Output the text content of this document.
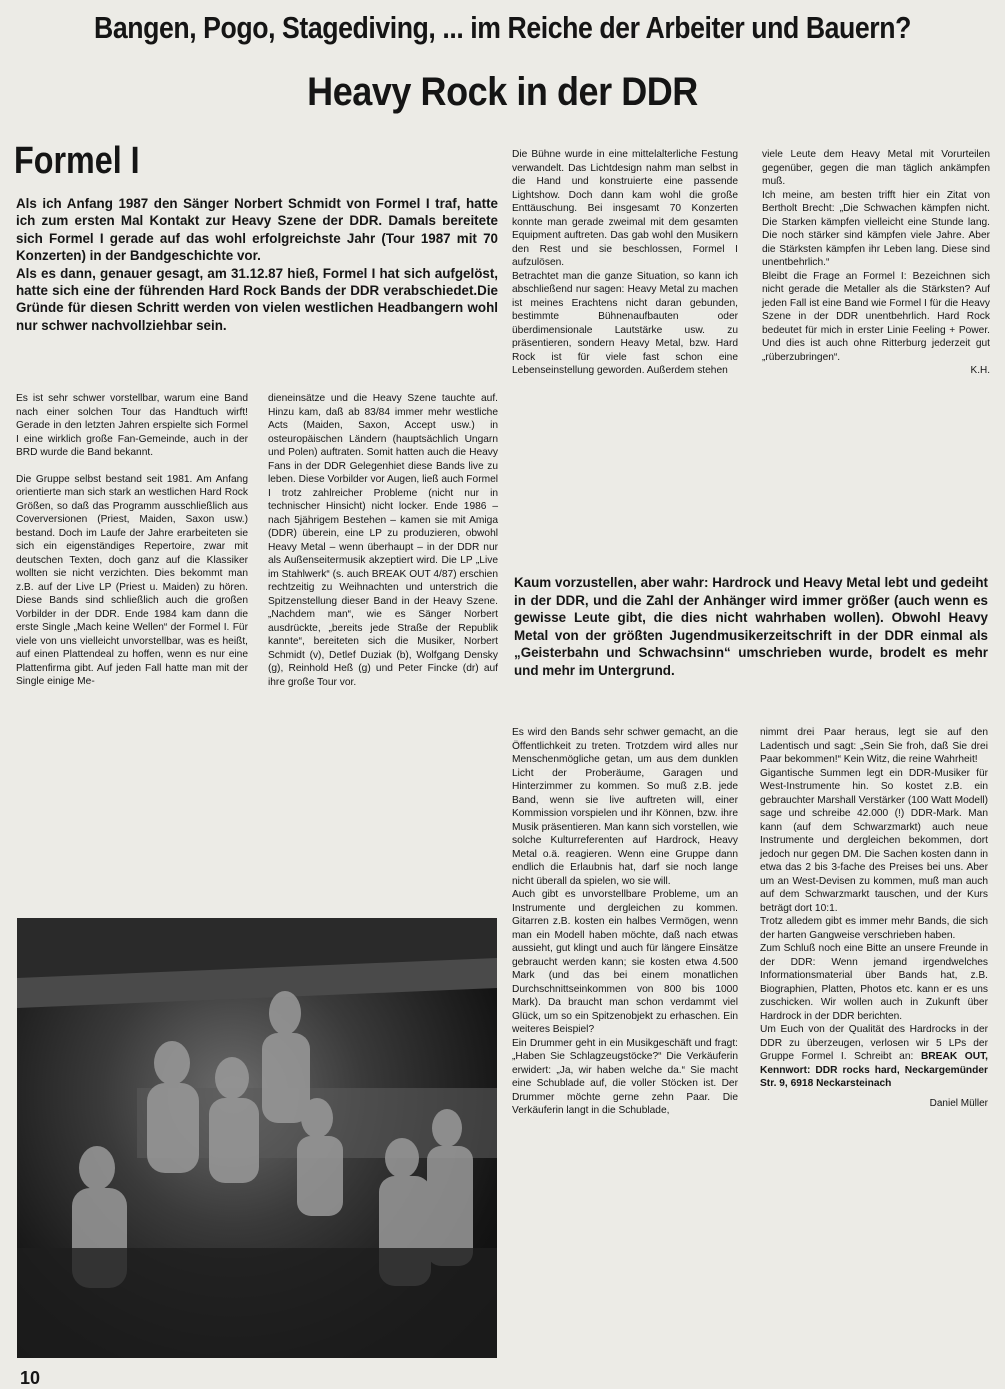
Bangen, Pogo, Stagediving, ... im Reiche der Arbeiter und Bauern?
Heavy Rock in der DDR
Formel I

Als ich Anfang 1987 den Sänger Norbert Schmidt von Formel I traf, hatte ich zum ersten Mal Kontakt zur Heavy Szene der DDR. Damals bereitete sich Formel I gerade auf das wohl erfolgreichste Jahr (Tour 1987 mit 70 Konzerten) in der Bandgeschichte vor.

Als es dann, genauer gesagt, am 31.12.87 hieß, Formel I hat sich aufgelöst, hatte sich eine der führenden Hard Rock Bands der DDR verabschiedet.Die Gründe für diesen Schritt werden von vielen westlichen Headbangern wohl nur schwer nachvollziehbar sein.

Es ist sehr schwer vorstellbar, warum eine Band nach einer solchen Tour das Handtuch wirft! Gerade in den letzten Jahren erspielte sich Formel I eine wirklich große Fan-Gemeinde, auch in der BRD wurde die Band bekannt.

Die Gruppe selbst bestand seit 1981. Am Anfang orientierte man sich stark an westlichen Hard Rock Größen, so daß das Programm ausschließlich aus Coverversionen (Priest, Maiden, Saxon usw.) bestand. Doch im Laufe der Jahre erarbeiteten sie sich ein eigenständiges Repertoire, zwar mit deutschen Texten, doch ganz auf die Klassiker wollten sie nicht verzichten. Dies bekommt man z.B. auf der Live LP (Priest u. Maiden) zu hören. Diese Bands sind schließlich auch die großen Vorbilder in der DDR. Ende 1984 kam dann die erste Single „Mach keine Wellen“ der Formel I. Für viele von uns vielleicht unvorstellbar, was es heißt, auf einen Plattendeal zu hoffen, wenn es nur eine Plattenfirma gibt. Auf jeden Fall hatte man mit der Single einige Me-

dieneinsätze und die Heavy Szene tauchte auf. Hinzu kam, daß ab 83/84 immer mehr westliche Acts (Maiden, Saxon, Accept usw.) in osteuropäischen Ländern (hauptsächlich Ungarn und Polen) auftraten. Somit hatten auch die Heavy Fans in der DDR Gelegenhiet diese Bands live zu leben. Diese Vorbilder vor Augen, ließ auch Formel I trotz zahlreicher Probleme (nicht nur in technischer Hinsicht) nicht locker. Ende 1986 – nach 5jährigem Bestehen – kamen sie mit Amiga (DDR) überein, eine LP zu produzieren, obwohl Heavy Metal – wenn überhaupt – in der DDR nur als Außenseitermusik akzeptiert wird. Die LP „Live im Stahlwerk“ (s. auch BREAK OUT 4/87) erschien rechtzeitig zu Weihnachten und unterstrich die Spitzenstellung dieser Band in der Heavy Szene. „Nachdem man“, wie es Sänger Norbert ausdrückte, „bereits jede Straße der Republik kannte“, bereiteten sich die Musiker, Norbert Schmidt (v), Detlef Duziak (b), Wolfgang Densky (g), Reinhold Heß (g) und Peter Fincke (dr) auf ihre große Tour vor.

Die Bühne wurde in eine mittelalterliche Festung verwandelt. Das Lichtdesign nahm man selbst in die Hand und konstruierte eine passende Lightshow. Doch dann kam wohl die große Enttäuschung. Bei insgesamt 70 Konzerten konnte man gerade zweimal mit dem gesamten Equipment auftreten. Das gab wohl den Musikern den Rest und sie beschlossen, Formel I aufzulösen.

Betrachtet man die ganze Situation, so kann ich abschließend nur sagen: Heavy Metal zu machen ist meines Erachtens nicht daran gebunden, bestimmte Bühnenaufbauten oder überdimensionale Lautstärke usw. zu präsentieren, sondern Heavy Metal, bzw. Hard Rock ist für viele fast schon eine Lebenseinstellung geworden. Außerdem stehen

viele Leute dem Heavy Metal mit Vorurteilen gegenüber, gegen die man täglich ankämpfen muß.

Ich meine, am besten trifft hier ein Zitat von Bertholt Brecht: „Die Schwachen kämpfen nicht. Die Starken kämpfen vielleicht eine Stunde lang. Die noch stärker sind kämpfen viele Jahre. Aber die Stärksten kämpfen ihr Leben lang. Diese sind unentbehrlich.“

Bleibt die Frage an Formel I: Bezeichnen sich nicht gerade die Metaller als die Stärksten? Auf jeden Fall ist eine Band wie Formel I für die Heavy Szene in der DDR unentbehrlich. Hard Rock bedeutet für mich in erster Linie Feeling + Power. Und dies ist auch ohne Ritterburg jederzeit gut „rüberzubringen“.

K.H.
Kaum vorzustellen, aber wahr: Hardrock und Heavy Metal lebt und gedeiht in der DDR, und die Zahl der Anhänger wird immer größer (auch wenn es gewisse Leute gibt, die dies nicht wahrhaben wollen). Obwohl Heavy Metal von der größten Jugendmusikerzeitschrift in der DDR einmal als „Geisterbahn und Schwachsinn“ umschrieben wurde, brodelt es mehr und mehr im Untergrund.

Es wird den Bands sehr schwer gemacht, an die Öffentlichkeit zu treten. Trotzdem wird alles nur Menschenmögliche getan, um aus dem dunklen Licht der Proberäume, Garagen und Hinterzimmer zu kommen. So muß z.B. jede Band, wenn sie live auftreten will, einer Kommission vorspielen und ihr Können, bzw. ihre Musik präsentieren. Man kann sich vorstellen, wie solche Kulturreferenten auf Hardrock, Heavy Metal o.ä. reagieren. Wenn eine Gruppe dann endlich die Erlaubnis hat, darf sie noch lange nicht überall da spielen, wo sie will.

Auch gibt es unvorstellbare Probleme, um an Instrumente und dergleichen zu kommen. Gitarren z.B. kosten ein halbes Vermögen, wenn man ein Modell haben möchte, daß nach etwas aussieht, gut klingt und auch für längere Einsätze gebraucht werden kann; sie kosten etwa 4.500 Mark (und das bei einem monatlichen Durchschnittseinkommen von 800 bis 1000 Mark). Da braucht man schon verdammt viel Glück, um so ein Spitzenobjekt zu erhaschen. Ein weiteres Beispiel?

Ein Drummer geht in ein Musikgeschäft und fragt: „Haben Sie Schlagzeugstöcke?“ Die Verkäuferin erwidert: „Ja, wir haben welche da.“ Sie macht eine Schublade auf, die voller Stöcken ist. Der Drummer möchte gerne zehn Paar. Die Verkäuferin langt in die Schublade,

nimmt drei Paar heraus, legt sie auf den Ladentisch und sagt: „Sein Sie froh, daß Sie drei Paar bekommen!“ Kein Witz, die reine Wahrheit!

Gigantische Summen legt ein DDR-Musiker für West-Instrumente hin. So kostet z.B. ein gebrauchter Marshall Verstärker (100 Watt Modell) sage und schreibe 42.000 (!) DDR-Mark. Man kann (auf dem Schwarzmarkt) auch neue Instrumente und dergleichen bekommen, dort jedoch nur gegen DM. Die Sachen kosten dann in etwa das 2 bis 3-fache des Preises bei uns. Aber um an West-Devisen zu kommen, muß man auch auf dem Schwarzmarkt tauschen, und der Kurs beträgt dort 10:1.

Trotz alledem gibt es immer mehr Bands, die sich der harten Gangweise verschrieben haben.

Zum Schluß noch eine Bitte an unsere Freunde in der DDR: Wenn jemand irgendwelches Informationsmaterial über Bands hat, z.B. Biographien, Platten, Photos etc. kann er es uns zuschicken. Wir wollen auch in Zukunft über Hardrock in der DDR berichten.

Um Euch von der Qualität des Hardrocks in der DDR zu überzeugen, verlosen wir 5 LPs der Gruppe Formel I. Schreibt an: BREAK OUT, Kennwort: DDR rocks hard, Neckargemünder Str. 9, 6918 Neckarsteinach

Daniel Müller
10
